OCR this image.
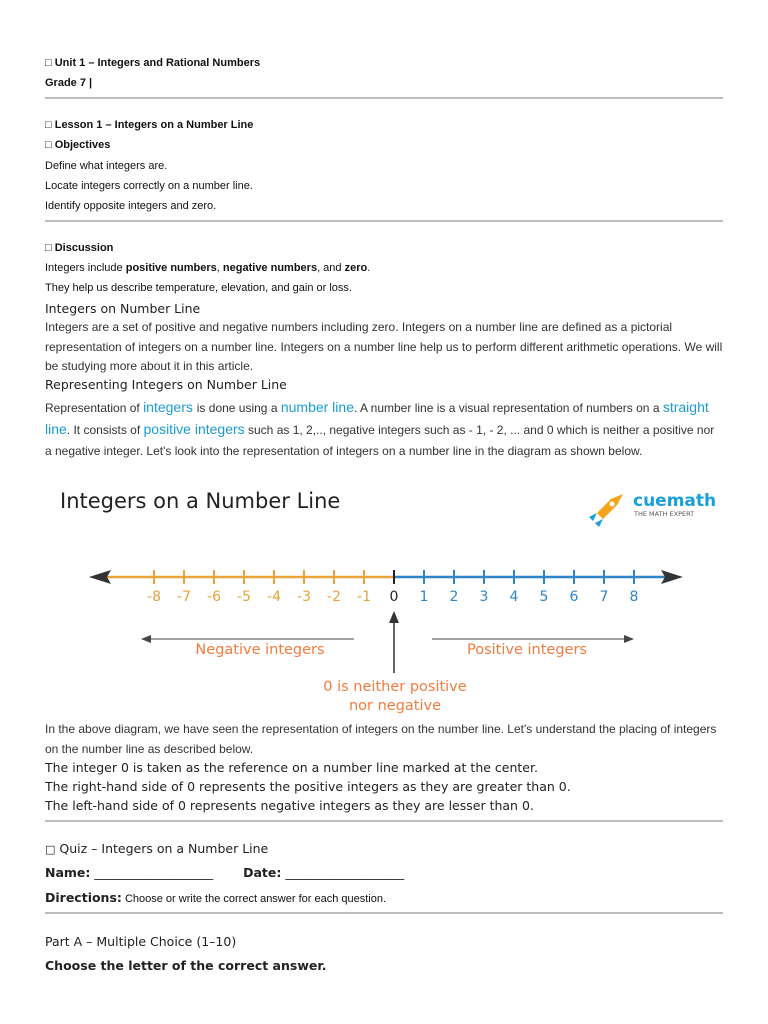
□ Unit 1 – Integers and Rational Numbers
Grade 7 |
□ Lesson 1 – Integers on a Number Line
□ Objectives
Define what integers are.
Locate integers correctly on a number line.
Identify opposite integers and zero.
□ Discussion
Integers include positive numbers, negative numbers, and zero.
They help us describe temperature, elevation, and gain or loss.
Integers on Number Line
Integers are a set of positive and negative numbers including zero. Integers on a number line are defined as a pictorial representation of integers on a number line. Integers on a number line help us to perform different arithmetic operations. We will be studying more about it in this article.
Representing Integers on Number Line
Representation of integers is done using a number line. A number line is a visual representation of numbers on a straight line. It consists of positive integers such as 1, 2,.., negative integers such as - 1, - 2, ... and 0 which is neither a positive nor a negative integer. Let's look into the representation of integers on a number line in the diagram as shown below.
Integers on a Number Line	cuemath
THE MATH EXPERT
-8 -7 -6 -5 -4 -3 -2 -1	1 2 3 4 5 6 7 8
0
Negative integers	Positive integers
0 is neither positive
nor negative
In the above diagram, we have seen the representation of integers on the number line. Let's understand the placing of integers on the number line as described below.
The integer 0 is taken as the reference on a number line marked at the center.
The right-hand side of 0 represents the positive integers as they are greater than 0.
The left-hand side of 0 represents negative integers as they are lesser than 0.
□ Quiz – Integers on a Number Line
Name: ___________________ Date: ___________________
Directions: Choose or write the correct answer for each question.
Part A – Multiple Choice (1–10)
Choose the letter of the correct answer.
